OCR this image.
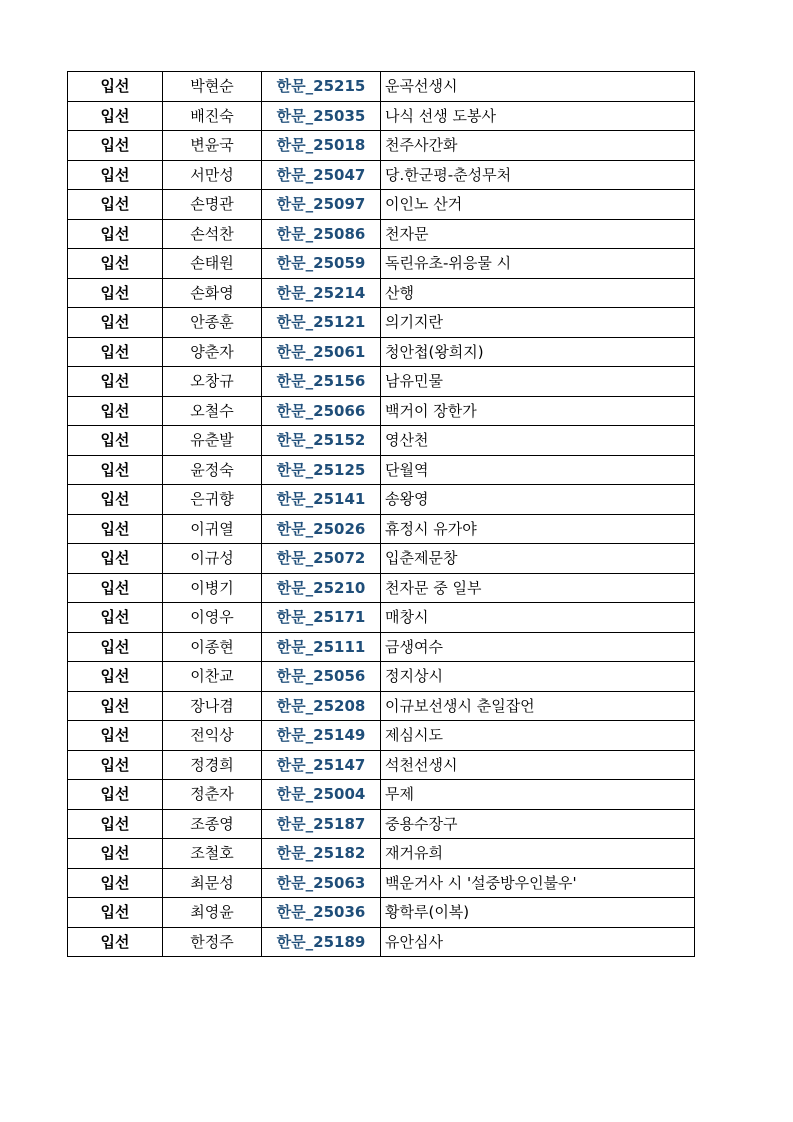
입선	박현순	한문_25215	운곡선생시
입선	배진숙	한문_25035	나식 선생 도봉사
입선	변윤국	한문_25018	천주사간화
입선	서만성	한문_25047	당.한군평-춘성무처
입선	손명관	한문_25097	이인노 산거
입선	손석찬	한문_25086	천자문
입선	손태원	한문_25059	독린유초-위응물 시
입선	손화영	한문_25214	산행
입선	안종훈	한문_25121	의기지란
입선	양춘자	한문_25061	청안첩(왕희지)
입선	오창규	한문_25156	남유민물
입선	오철수	한문_25066	백거이 장한가
입선	유춘발	한문_25152	영산천
입선	윤정숙	한문_25125	단월역
입선	은귀향	한문_25141	송왕영
입선	이귀열	한문_25026	휴정시 유가야
입선	이규성	한문_25072	입춘제문창
입선	이병기	한문_25210	천자문 중 일부
입선	이영우	한문_25171	매창시
입선	이종현	한문_25111	금생여수
입선	이찬교	한문_25056	정지상시
입선	장나겸	한문_25208	이규보선생시 춘일잡언
입선	전익상	한문_25149	제심시도
입선	정경희	한문_25147	석천선생시
입선	정춘자	한문_25004	무제
입선	조종영	한문_25187	중용수장구
입선	조철호	한문_25182	재거유희
입선	최문성	한문_25063	백운거사 시 '설중방우인불우'
입선	최영윤	한문_25036	황학루(이복)
입선	한정주	한문_25189	유안심사
